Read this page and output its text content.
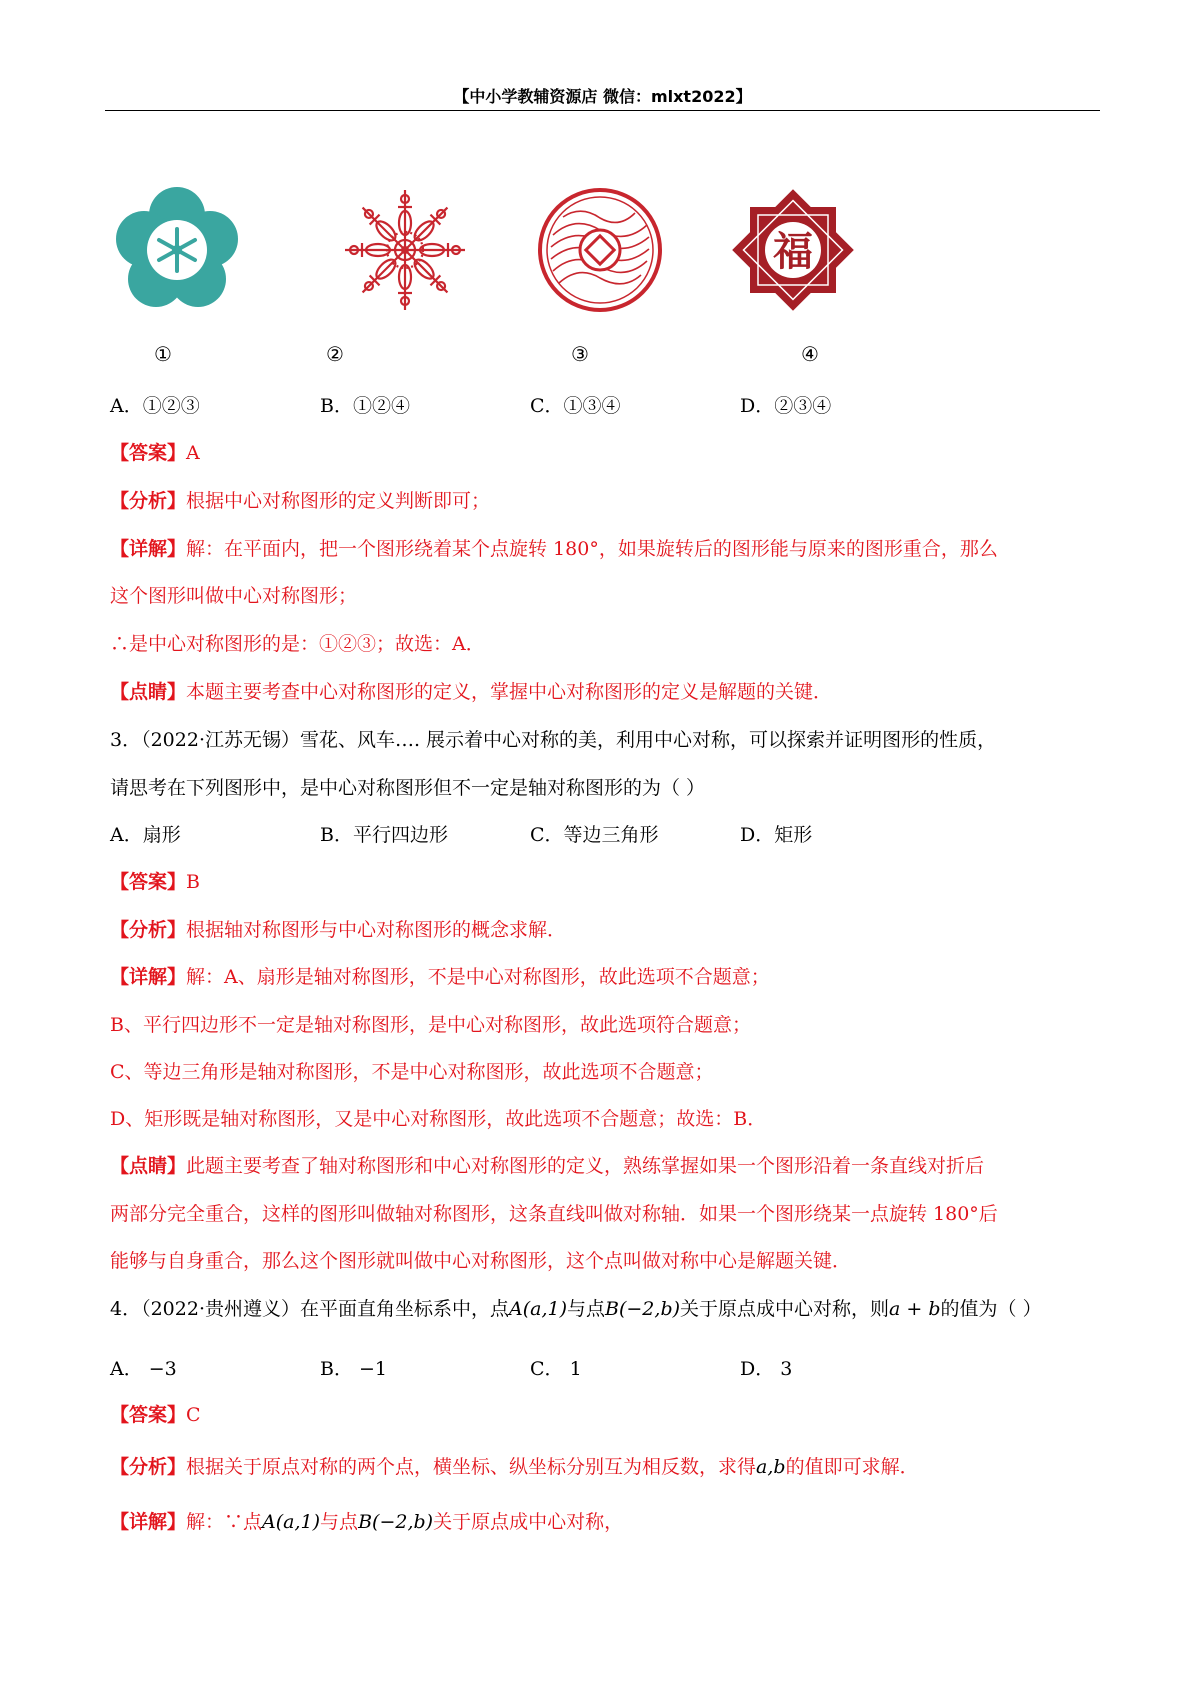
【中小学教辅资源店 微信：mlxt2022】
福
①	②	③	④
A．①②③	B．①②④	C．①③④	D．②③④
【答案】A
【分析】根据中心对称图形的定义判断即可；
【详解】解：在平面内，把一个图形绕着某个点旋转 180°，如果旋转后的图形能与原来的图形重合，那么
这个图形叫做中心对称图形；
∴是中心对称图形的是：①②③；故选：A．
【点睛】本题主要考查中心对称图形的定义，掌握中心对称图形的定义是解题的关键．
3．（2022·江苏无锡）雪花、风车…. 展示着中心对称的美，利用中心对称，可以探索并证明图形的性质，
请思考在下列图形中，是中心对称图形但不一定是轴对称图形的为（ ）
A．扇形	B．平行四边形	C．等边三角形	D．矩形
【答案】B
【分析】根据轴对称图形与中心对称图形的概念求解．
【详解】解：A、扇形是轴对称图形，不是中心对称图形，故此选项不合题意；
B、平行四边形不一定是轴对称图形，是中心对称图形，故此选项符合题意；
C、等边三角形是轴对称图形，不是中心对称图形，故此选项不合题意；
D、矩形既是轴对称图形，又是中心对称图形，故此选项不合题意；故选：B．
【点睛】此题主要考查了轴对称图形和中心对称图形的定义，熟练掌握如果一个图形沿着一条直线对折后
两部分完全重合，这样的图形叫做轴对称图形，这条直线叫做对称轴．如果一个图形绕某一点旋转 180°后
能够与自身重合，那么这个图形就叫做中心对称图形，这个点叫做对称中心是解题关键．
4．（2022·贵州遵义）在平面直角坐标系中，点A(a,1)与点B(−2,b)关于原点成中心对称，则a + b的值为（ ）
A． −3	B． −1	C． 1	D． 3
【答案】C
【分析】根据关于原点对称的两个点，横坐标、纵坐标分别互为相反数，求得a,b的值即可求解．
【详解】解：∵点A(a,1)与点B(−2,b)关于原点成中心对称，
